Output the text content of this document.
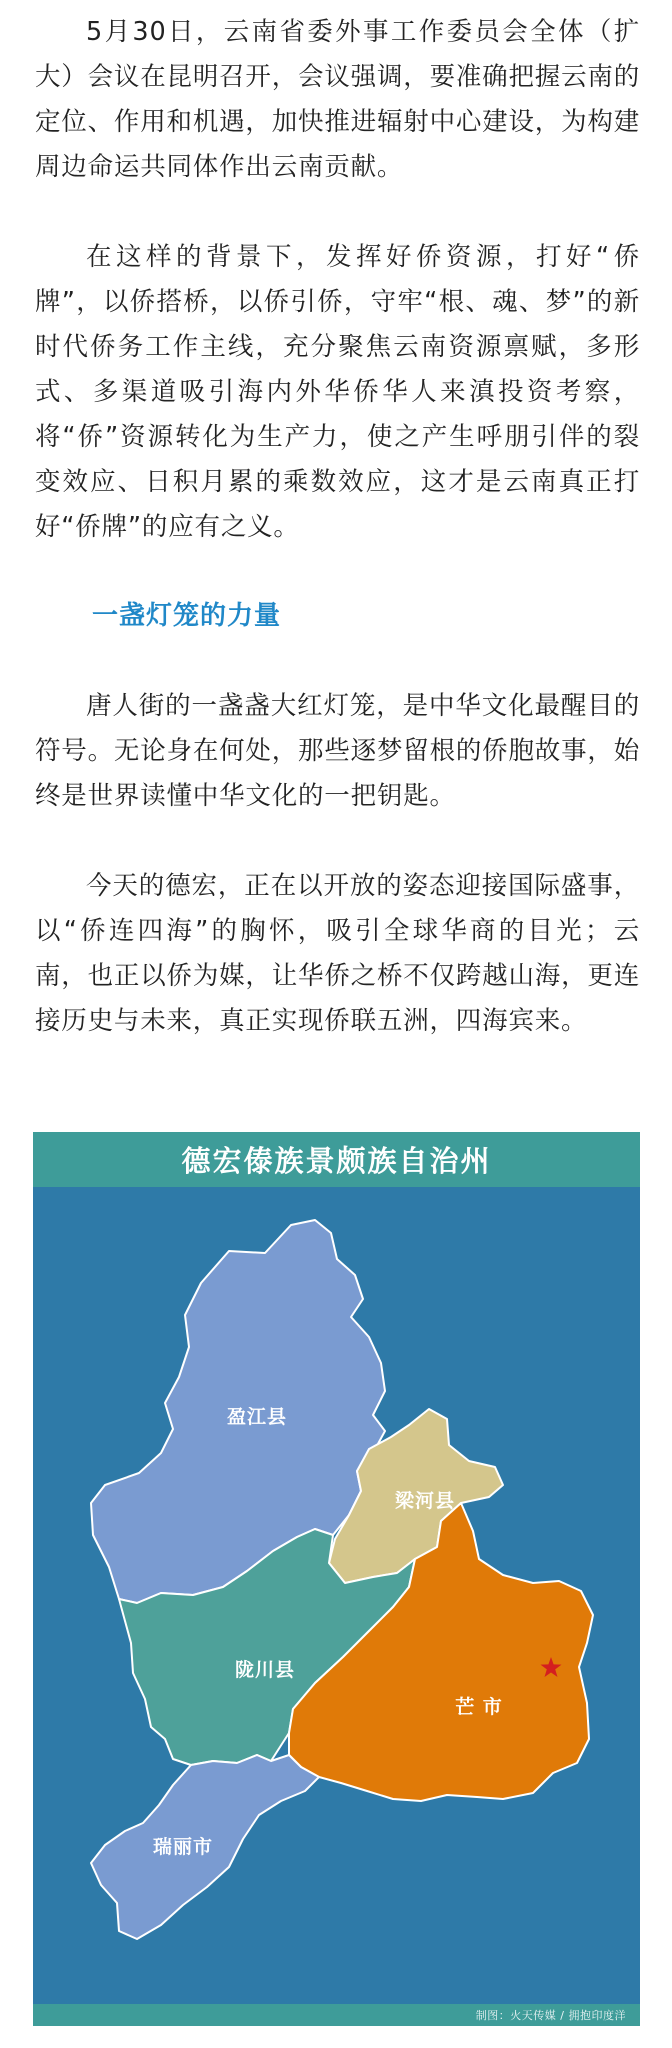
5月30日，云南省委外事工作委员会全体（扩大）会议在昆明召开，会议强调，要准确把握云南的定位、作用和机遇，加快推进辐射中心建设，为构建周边命运共同体作出云南贡献。

在这样的背景下，发挥好侨资源，打好“侨牌”，以侨搭桥，以侨引侨，守牢“根、魂、梦”的新时代侨务工作主线，充分聚焦云南资源禀赋，多形式、多渠道吸引海内外华侨华人来滇投资考察，将“侨”资源转化为生产力，使之产生呼朋引伴的裂变效应、日积月累的乘数效应，这才是云南真正打好“侨牌”的应有之义。

一盏灯笼的力量

唐人街的一盏盏大红灯笼，是中华文化最醒目的符号。无论身在何处，那些逐梦留根的侨胞故事，始终是世界读懂中华文化的一把钥匙。

今天的德宏，正在以开放的姿态迎接国际盛事，以“侨连四海”的胸怀，吸引全球华商的目光；云南，也正以侨为媒，让华侨之桥不仅跨越山海，更连接历史与未来，真正实现侨联五洲，四海宾来。

德宏傣族景颇族自治州
盈江县
梁河县
陇川县
芒 市
瑞丽市
制图：火天传媒 / 拥抱印度洋
